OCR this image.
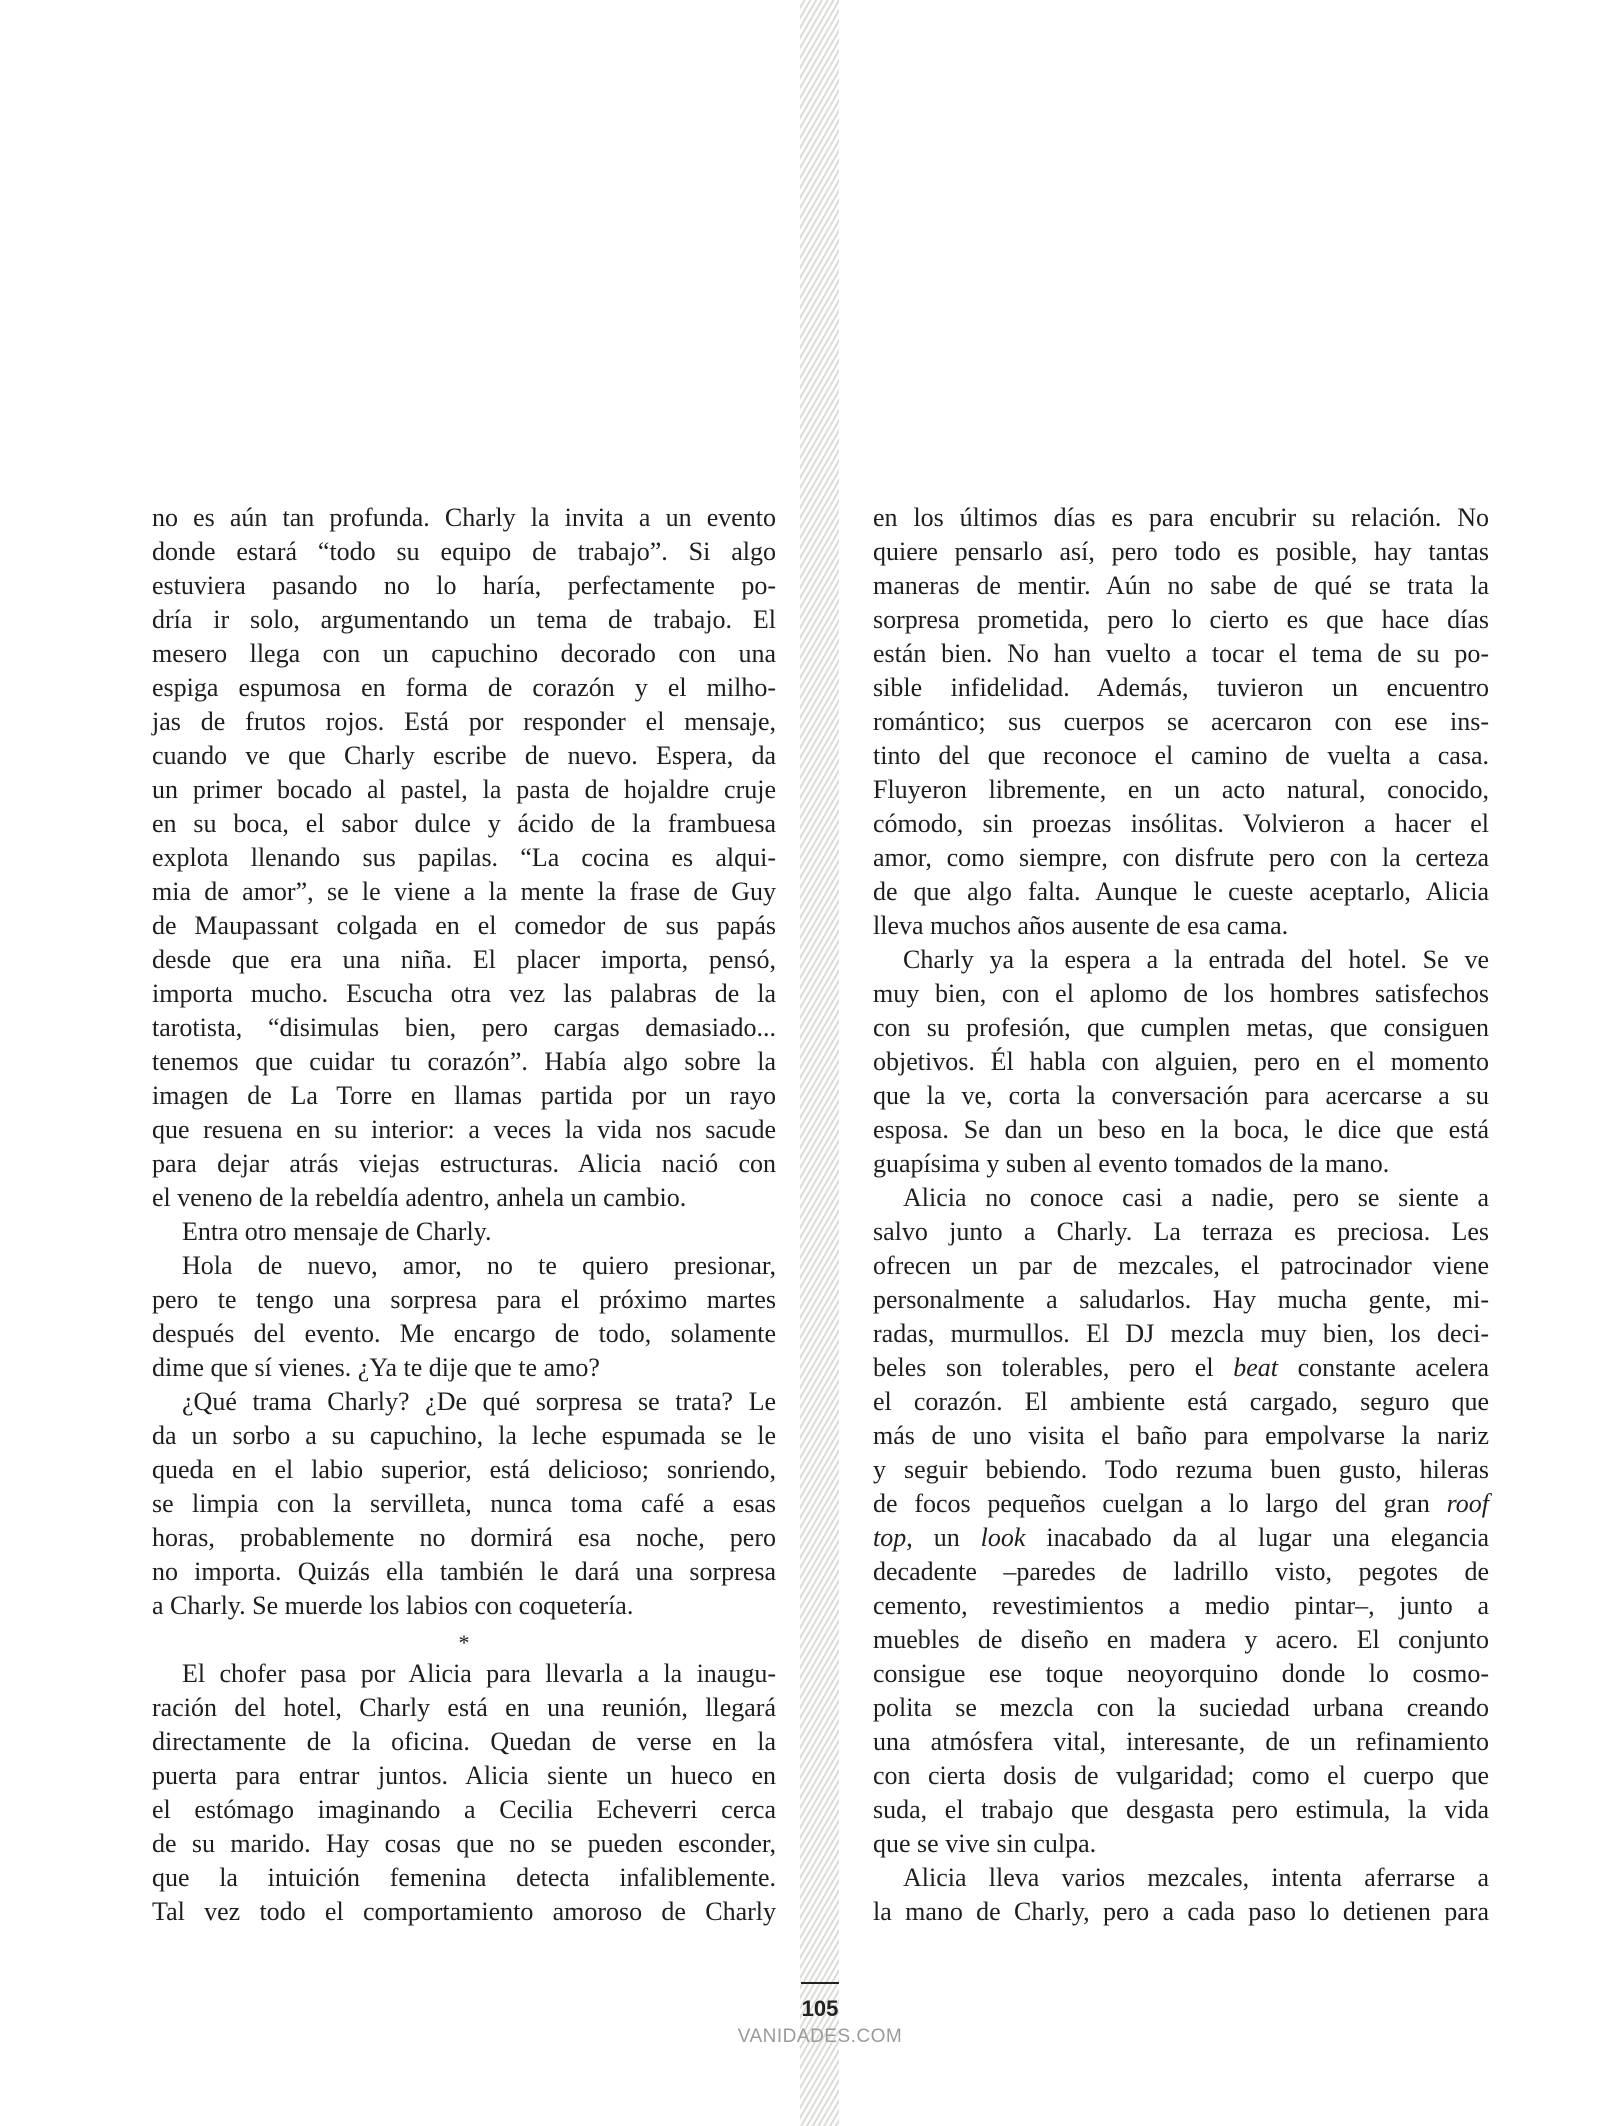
no es aún tan profunda. Charly la invita a un evento
donde estará “todo su equipo de trabajo”. Si algo
estuviera pasando no lo haría, perfectamente po-
dría ir solo, argumentando un tema de trabajo. El
mesero llega con un capuchino decorado con una
espiga espumosa en forma de corazón y el milho-
jas de frutos rojos. Está por responder el mensaje,
cuando ve que Charly escribe de nuevo. Espera, da
un primer bocado al pastel, la pasta de hojaldre cruje
en su boca, el sabor dulce y ácido de la frambuesa
explota llenando sus papilas. “La cocina es alqui-
mia de amor”, se le viene a la mente la frase de Guy
de Maupassant colgada en el comedor de sus papás
desde que era una niña. El placer importa, pensó,
importa mucho. Escucha otra vez las palabras de la
tarotista, “disimulas bien, pero cargas demasiado...
tenemos que cuidar tu corazón”. Había algo sobre la
imagen de La Torre en llamas partida por un rayo
que resuena en su interior: a veces la vida nos sacude
para dejar atrás viejas estructuras. Alicia nació con
el veneno de la rebeldía adentro, anhela un cambio.
Entra otro mensaje de Charly.
Hola de nuevo, amor, no te quiero presionar,
pero te tengo una sorpresa para el próximo martes
después del evento. Me encargo de todo, solamente
dime que sí vienes. ¿Ya te dije que te amo?
¿Qué trama Charly? ¿De qué sorpresa se trata? Le
da un sorbo a su capuchino, la leche espumada se le
queda en el labio superior, está delicioso; sonriendo,
se limpia con la servilleta, nunca toma café a esas
horas, probablemente no dormirá esa noche, pero
no importa. Quizás ella también le dará una sorpresa
a Charly. Se muerde los labios con coquetería.
*
El chofer pasa por Alicia para llevarla a la inaugu-
ración del hotel, Charly está en una reunión, llegará
directamente de la oficina. Quedan de verse en la
puerta para entrar juntos. Alicia siente un hueco en
el estómago imaginando a Cecilia Echeverri cerca
de su marido. Hay cosas que no se pueden esconder,
que la intuición femenina detecta infaliblemente.
Tal vez todo el comportamiento amoroso de Charly
en los últimos días es para encubrir su relación. No
quiere pensarlo así, pero todo es posible, hay tantas
maneras de mentir. Aún no sabe de qué se trata la
sorpresa prometida, pero lo cierto es que hace días
están bien. No han vuelto a tocar el tema de su po-
sible infidelidad. Además, tuvieron un encuentro
romántico; sus cuerpos se acercaron con ese ins-
tinto del que reconoce el camino de vuelta a casa.
Fluyeron libremente, en un acto natural, conocido,
cómodo, sin proezas insólitas. Volvieron a hacer el
amor, como siempre, con disfrute pero con la certeza
de que algo falta. Aunque le cueste aceptarlo, Alicia
lleva muchos años ausente de esa cama.
Charly ya la espera a la entrada del hotel. Se ve
muy bien, con el aplomo de los hombres satisfechos
con su profesión, que cumplen metas, que consiguen
objetivos. Él habla con alguien, pero en el momento
que la ve, corta la conversación para acercarse a su
esposa. Se dan un beso en la boca, le dice que está
guapísima y suben al evento tomados de la mano.
Alicia no conoce casi a nadie, pero se siente a
salvo junto a Charly. La terraza es preciosa. Les
ofrecen un par de mezcales, el patrocinador viene
personalmente a saludarlos. Hay mucha gente, mi-
radas, murmullos. El DJ mezcla muy bien, los deci-
beles son tolerables, pero el beat constante acelera
el corazón. El ambiente está cargado, seguro que
más de uno visita el baño para empolvarse la nariz
y seguir bebiendo. Todo rezuma buen gusto, hileras
de focos pequeños cuelgan a lo largo del gran roof
top, un look inacabado da al lugar una elegancia
decadente –paredes de ladrillo visto, pegotes de
cemento, revestimientos a medio pintar–, junto a
muebles de diseño en madera y acero. El conjunto
consigue ese toque neoyorquino donde lo cosmo-
polita se mezcla con la suciedad urbana creando
una atmósfera vital, interesante, de un refinamiento
con cierta dosis de vulgaridad; como el cuerpo que
suda, el trabajo que desgasta pero estimula, la vida
que se vive sin culpa.
Alicia lleva varios mezcales, intenta aferrarse a
la mano de Charly, pero a cada paso lo detienen para
105
VANIDADES.COM
